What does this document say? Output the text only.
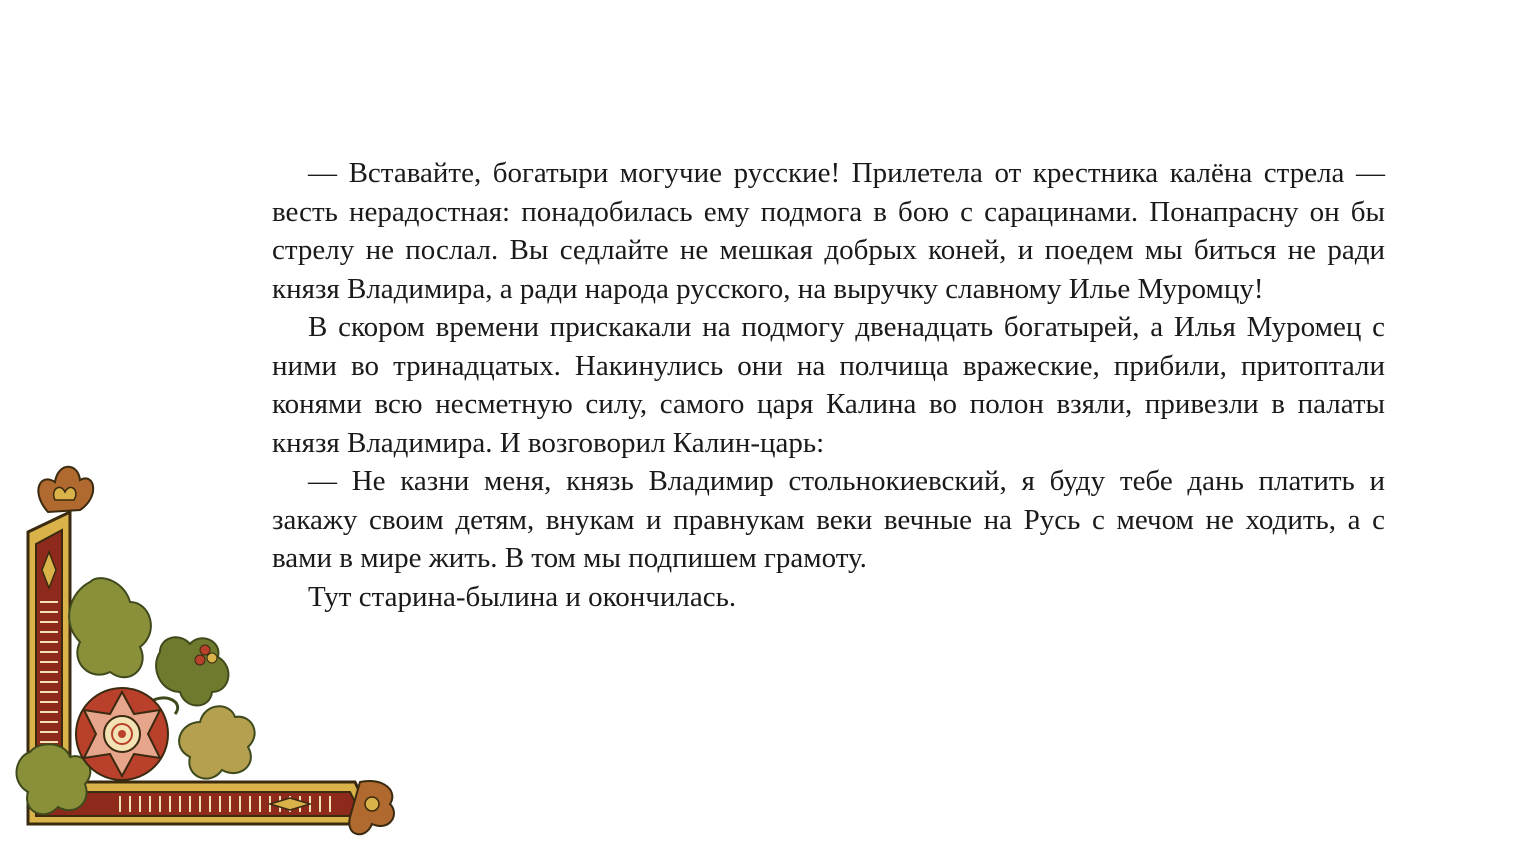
— Вставайте, богатыри могучие русские! Прилетела от крестника калёна стрела — весть нерадостная: понадобилась ему подмога в бою с сарацинами. Понапрасну он бы стрелу не послал. Вы седлайте не мешкая добрых коней, и поедем мы биться не ради князя Владимира, а ради народа русского, на выручку славному Илье Муромцу!

В скором времени прискакали на подмогу двенадцать богатырей, а Илья Муромец с ними во тринадцатых. Накинулись они на полчища вражеские, прибили, притоптали конями всю несметную силу, самого царя Калина во полон взяли, привезли в палаты князя Владимира. И возговорил Калин-царь:

— Не казни меня, князь Владимир стольнокиевский, я буду тебе дань платить и закажу своим детям, внукам и правнукам веки вечные на Русь с мечом не ходить, а с вами в мире жить. В том мы подпишем грамоту.

Тут старина-былина и окончилась.
